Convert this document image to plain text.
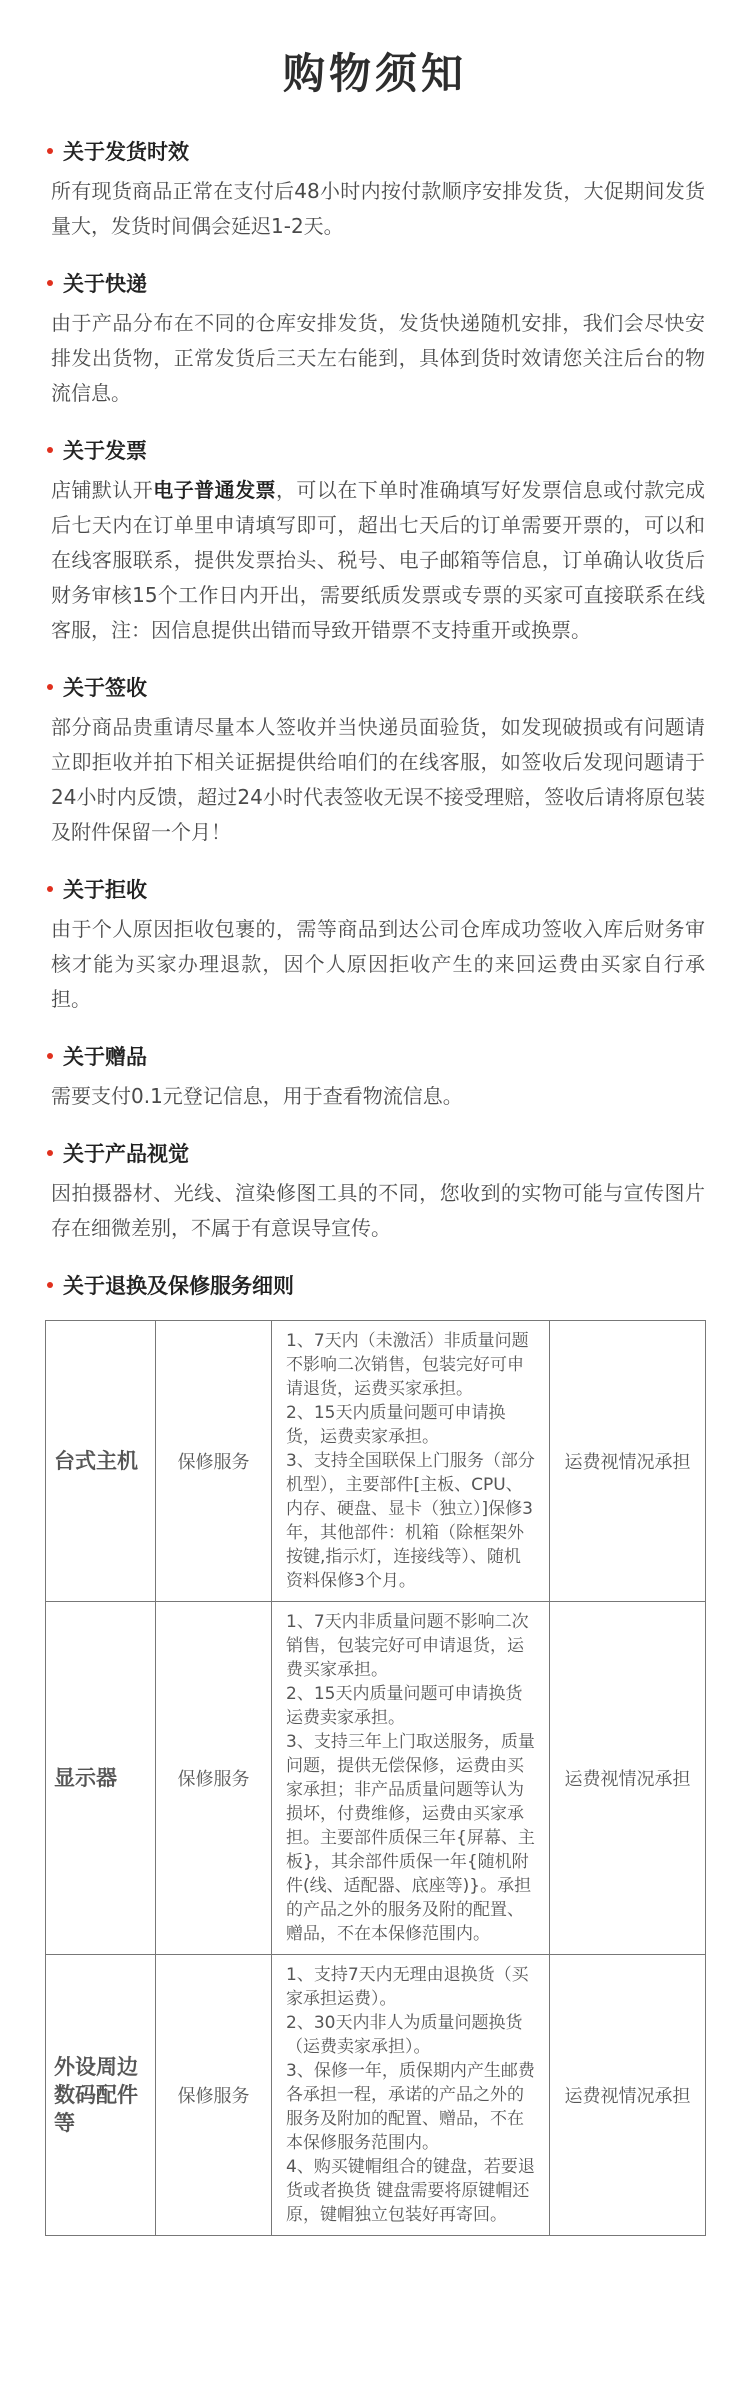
购物须知
关于发货时效
所有现货商品正常在支付后48小时内按付款顺序安排发货，大促期间发货量大，发货时间偶会延迟1-2天。
关于快递
由于产品分布在不同的仓库安排发货，发货快递随机安排，我们会尽快安排发出货物，正常发货后三天左右能到，具体到货时效请您关注后台的物流信息。
关于发票
店铺默认开电子普通发票，可以在下单时准确填写好发票信息或付款完成后七天内在订单里申请填写即可，超出七天后的订单需要开票的，可以和在线客服联系，提供发票抬头、税号、电子邮箱等信息，订单确认收货后财务审核15个工作日内开出，需要纸质发票或专票的买家可直接联系在线客服，注：因信息提供出错而导致开错票不支持重开或换票。
关于签收
部分商品贵重请尽量本人签收并当快递员面验货，如发现破损或有问题请立即拒收并拍下相关证据提供给咱们的在线客服，如签收后发现问题请于24小时内反馈，超过24小时代表签收无误不接受理赔，签收后请将原包装及附件保留一个月！
关于拒收
由于个人原因拒收包裹的，需等商品到达公司仓库成功签收入库后财务审核才能为买家办理退款，因个人原因拒收产生的来回运费由买家自行承担。
关于赠品
需要支付0.1元登记信息，用于查看物流信息。
关于产品视觉
因拍摄器材、光线、渲染修图工具的不同，您收到的实物可能与宣传图片存在细微差别，不属于有意误导宣传。
关于退换及保修服务细则
台式主机	保修服务	1、7天内（未激活）非质量问题不影响二次销售，包装完好可申请退货，运费买家承担。

2、15天内质量问题可申请换货，运费卖家承担。

3、支持全国联保上门服务（部分机型），主要部件[主板、CPU、内存、硬盘、显卡（独立）]保修3年，其他部件：机箱（除框架外按键,指示灯，连接线等）、随机资料保修3个月。	运费视情况承担
显示器	保修服务	1、7天内非质量问题不影响二次销售，包装完好可申请退货，运费买家承担。

2、15天内质量问题可申请换货运费卖家承担。

3、支持三年上门取送服务，质量问题，提供无偿保修，运费由买家承担；非产品质量问题等认为损坏，付费维修，运费由买家承担。主要部件质保三年{屏幕、主板}，其余部件质保一年{随机附件(线、适配器、底座等)}。承担的产品之外的服务及附的配置、赠品，不在本保修范围内。	运费视情况承担
外设周边数码配件等	保修服务	1、支持7天内无理由退换货（买家承担运费）。

2、30天内非人为质量问题换货（运费卖家承担）。

3、保修一年，质保期内产生邮费各承担一程，承诺的产品之外的服务及附加的配置、赠品，不在本保修服务范围内。

4、购买键帽组合的键盘，若要退货或者换货 键盘需要将原键帽还原，键帽独立包装好再寄回。	运费视情况承担
